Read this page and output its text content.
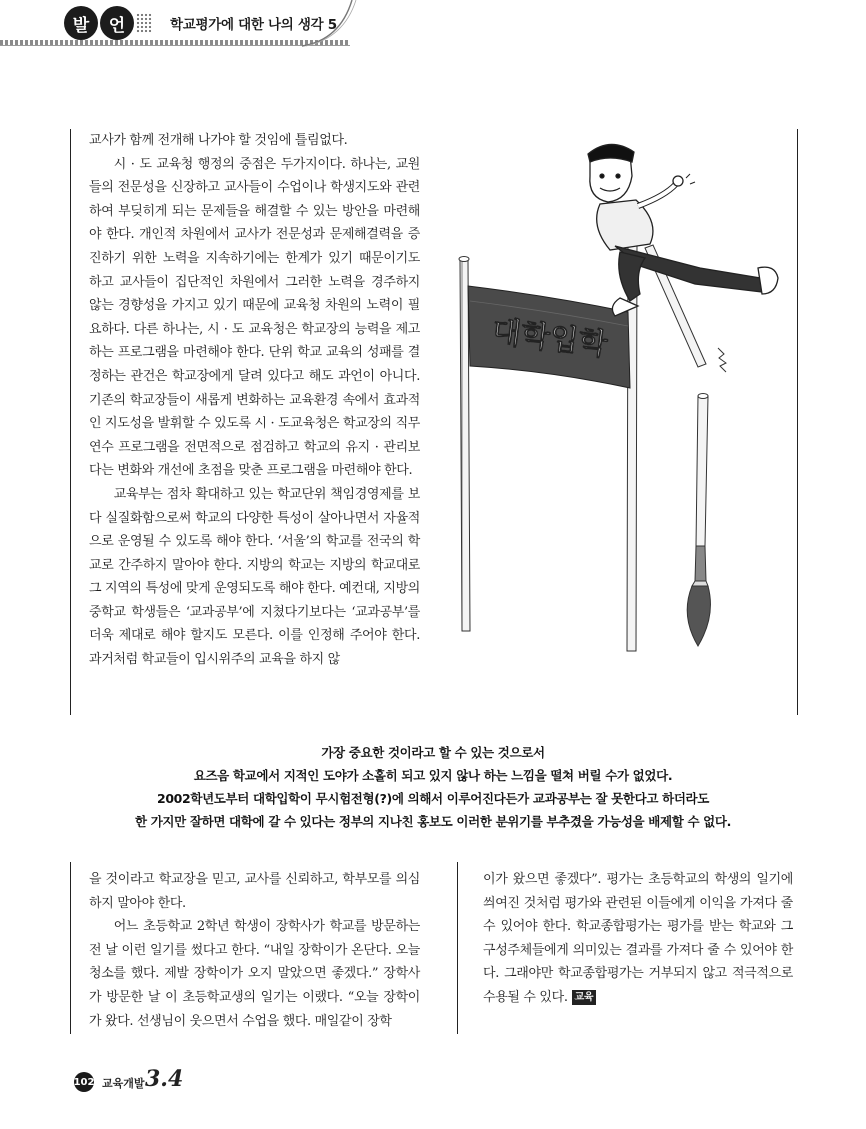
발	언	학교평가에 대한 나의 생각 5

교사가 함께 전개해 나가야 할 것임에 틀림없다.

시 · 도 교육청 행정의 중점은 두가지이다. 하나는, 교원들의 전문성을 신장하고 교사들이 수업이나 학생지도와 관련하여 부딪히게 되는 문제들을 해결할 수 있는 방안을 마련해야 한다. 개인적 차원에서 교사가 전문성과 문제해결력을 증진하기 위한 노력을 지속하기에는 한계가 있기 때문이기도 하고 교사들이 집단적인 차원에서 그러한 노력을 경주하지 않는 경향성을 가지고 있기 때문에 교육청 차원의 노력이 필요하다. 다른 하나는, 시 · 도 교육청은 학교장의 능력을 제고하는 프로그램을 마련해야 한다. 단위 학교 교육의 성패를 결정하는 관건은 학교장에게 달려 있다고 해도 과언이 아니다. 기존의 학교장들이 새롭게 변화하는 교육환경 속에서 효과적인 지도성을 발휘할 수 있도록 시 · 도교육청은 학교장의 직무연수 프로그램을 전면적으로 점검하고 학교의 유지 · 관리보다는 변화와 개선에 초점을 맞춘 프로그램을 마련해야 한다.

교육부는 점차 확대하고 있는 학교단위 책임경영제를 보다 실질화함으로써 학교의 다양한 특성이 살아나면서 자율적으로 운영될 수 있도록 해야 한다. ‘서울’의 학교를 전국의 학교로 간주하지 말아야 한다. 지방의 학교는 지방의 학교대로 그 지역의 특성에 맞게 운영되도록 해야 한다. 예컨대, 지방의 중학교 학생들은 ‘교과공부’에 지쳤다기보다는 ‘교과공부’를 더욱 제대로 해야 할지도 모른다. 이를 인정해 주어야 한다. 과거처럼 학교들이 입시위주의 교육을 하지 않

대학입학

가장 중요한 것이라고 할 수 있는 것으로서

요즈음 학교에서 지적인 도야가 소홀히 되고 있지 않나 하는 느낌을 떨쳐 버릴 수가 없었다.

2002학년도부터 대학입학이 무시험전형(?)에 의해서 이루어진다든가 교과공부는 잘 못한다고 하더라도

한 가지만 잘하면 대학에 갈 수 있다는 정부의 지나친 홍보도 이러한 분위기를 부추겼을 가능성을 배제할 수 없다.

을 것이라고 학교장을 믿고, 교사를 신뢰하고, 학부모를 의심하지 말아야 한다.

어느 초등학교 2학년 학생이 장학사가 학교를 방문하는 전 날 이런 일기를 썼다고 한다. “내일 장학이가 온단다. 오늘 청소를 했다. 제발 장학이가 오지 말았으면 좋겠다.” 장학사가 방문한 날 이 초등학교생의 일기는 이랬다. “오늘 장학이가 왔다. 선생님이 웃으면서 수업을 했다. 매일같이 장학

이가 왔으면 좋겠다”. 평가는 초등학교의 학생의 일기에 씌여진 것처럼 평가와 관련된 이들에게 이익을 가져다 줄 수 있어야 한다. 학교종합평가는 평가를 받는 학교와 그 구성주체들에게 의미있는 결과를 가져다 줄 수 있어야 한다. 그래야만 학교종합평가는 거부되지 않고 적극적으로 수용될 수 있다. 교육

102 교육개발 3.4
